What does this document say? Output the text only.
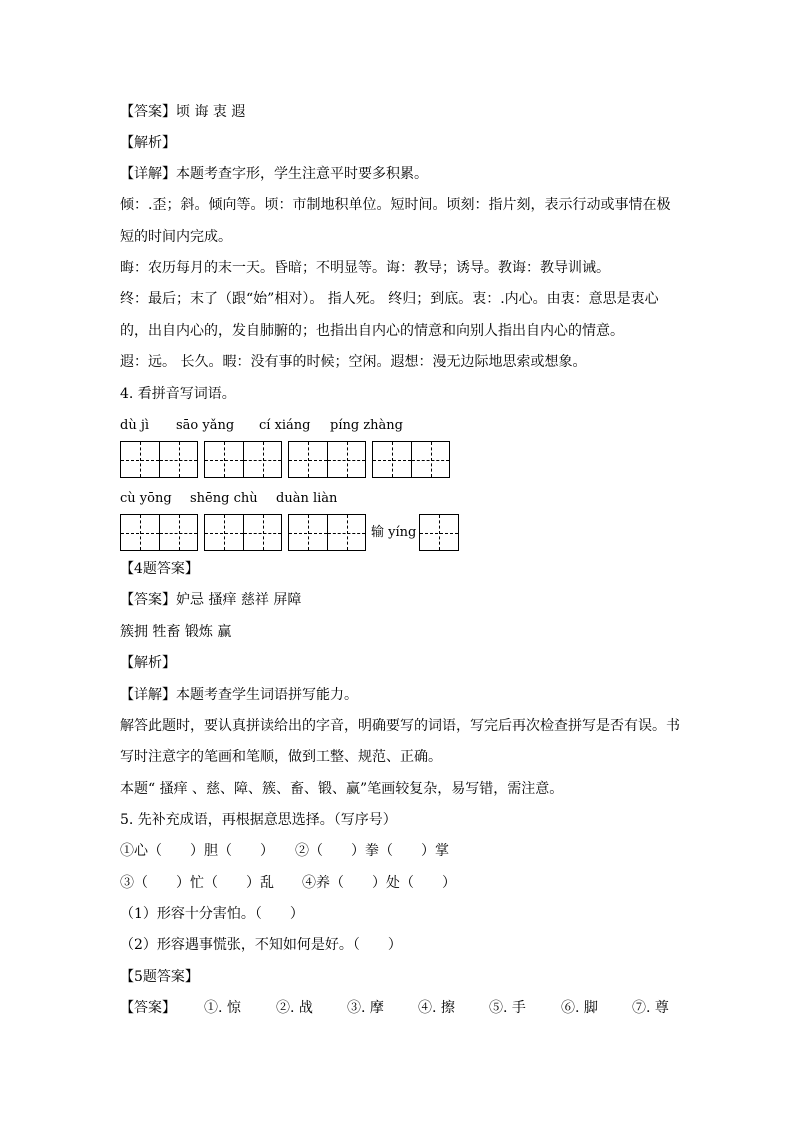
【答案】顷 诲 衷 遐
【解析】
【详解】本题考查字形，学生注意平时要多积累。
倾：.歪；斜。倾向等。顷：市制地积单位。短时间。顷刻：指片刻，表示行动或事情在极
短的时间内完成。
晦：农历每月的末一天。昏暗；不明显等。诲：教导；诱导。教诲：教导训诫。
终：最后；末了（跟“始”相对）。 指人死。 终归；到底。衷：.内心。由衷：意思是衷心
的，出自内心的，发自肺腑的；也指出自内心的情意和向别人指出自内心的情意。
遐：远。 长久。暇：没有事的时候；空闲。遐想：漫无边际地思索或想象。
4. 看拼音写词语。
dù jì sāo yǎng cí xiáng píng zhàng
cù yōng shēng chù duàn liàn
输 yíng
【4题答案】
【答案】妒忌 搔痒 慈祥 屏障
簇拥 牲畜 锻炼 赢
【解析】
【详解】本题考查学生词语拼写能力。
解答此题时，要认真拼读给出的字音，明确要写的词语，写完后再次检查拼写是否有误。书
写时注意字的笔画和笔顺，做到工整、规范、正确。
本题“ 搔痒 、慈、障、簇、畜、锻、赢”笔画较复杂，易写错，需注意。
5. 先补充成语，再根据意思选择。（写序号）
①心（　　）胆（　　）　　②（　　）拳（　　）掌
③（　　）忙（　　）乱　　④养（　　）处（　　）
（1）形容十分害怕。（　　）
（2）形容遇事慌张，不知如何是好。（　　）
【5题答案】
【答案】 ①. 惊	②. 战 ③. 摩 ④. 擦 ⑤. 手	⑥. 脚 ⑦. 尊
